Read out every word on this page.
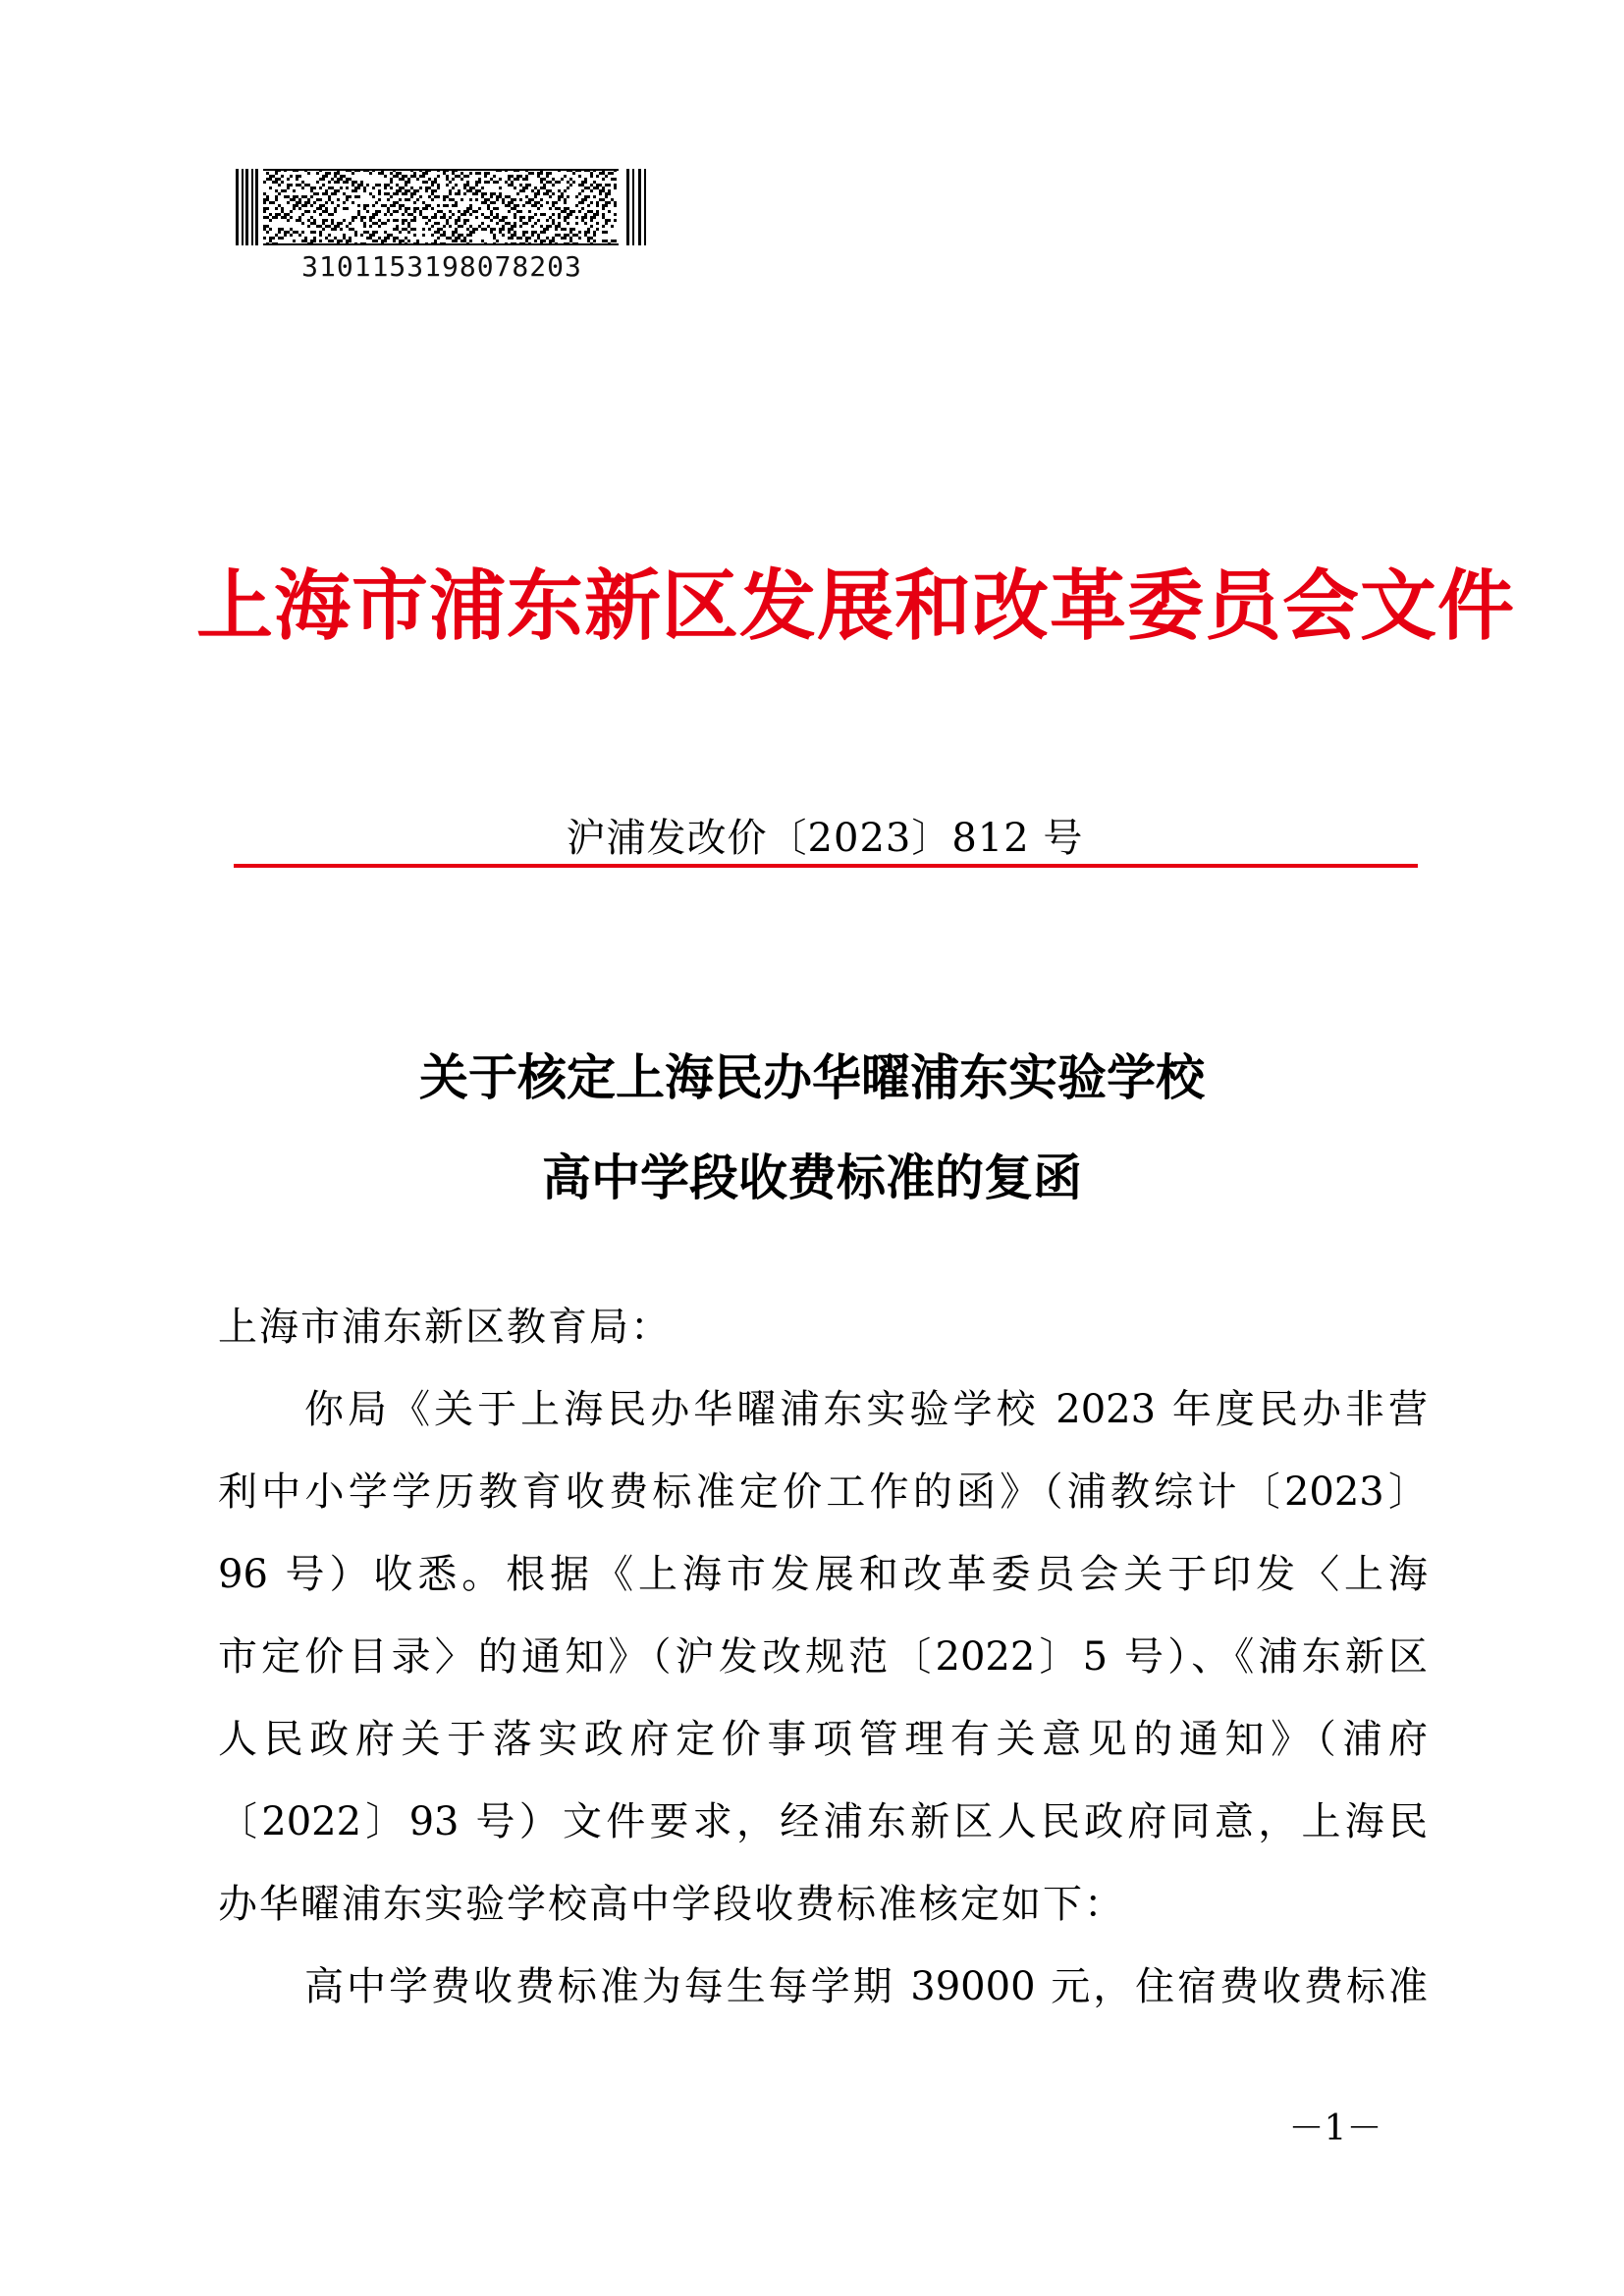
3101153198078203
上海市浦东新区发展和改革委员会文件
沪浦发改价〔2023〕812 号
关于核定上海民办华曜浦东实验学校
高中学段收费标准的复函
上海市浦东新区教育局：
你局《关于上海民办华曜浦东实验学校 2023 年度民办非营
利中小学学历教育收费标准定价工作的函》（浦教综计〔2023〕
96 号）收悉。根据《上海市发展和改革委员会关于印发〈上海
市定价目录〉的通知》（沪发改规范〔2022〕5 号）、《浦东新区
人民政府关于落实政府定价事项管理有关意见的通知》（浦府
〔2022〕93 号）文件要求，经浦东新区人民政府同意，上海民
办华曜浦东实验学校高中学段收费标准核定如下：
高中学费收费标准为每生每学期 39000 元，住宿费收费标准
－1－
